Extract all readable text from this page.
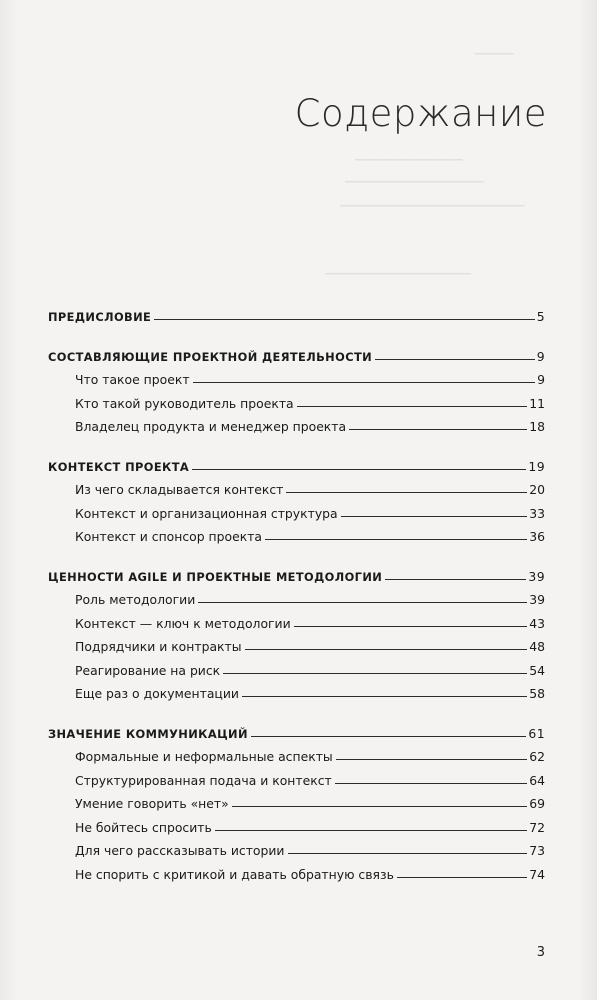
▁▁▁▁▁
▁▁▁▁▁▁▁▁▁▁▁▁▁▁
▁▁▁▁▁▁▁▁▁▁▁▁▁▁▁▁▁▁
▁▁▁▁▁▁▁▁▁▁▁▁▁▁▁▁▁▁▁▁▁▁▁▁
▁▁▁▁▁▁▁▁▁▁▁▁▁▁▁▁▁▁▁
Содержание
ПРЕДИСЛОВИЕ	5
СОСТАВЛЯЮЩИЕ ПРОЕКТНОЙ ДЕЯТЕЛЬНОСТИ	9
Что такое проект	9
Кто такой руководитель проекта	11
Владелец продукта и менеджер проекта	18
КОНТЕКСТ ПРОЕКТА	19
Из чего складывается контекст	20
Контекст и организационная структура	33
Контекст и спонсор проекта	36
ЦЕННОСТИ AGILE И ПРОЕКТНЫЕ МЕТОДОЛОГИИ	39
Роль методологии	39
Контекст — ключ к методологии	43
Подрядчики и контракты	48
Реагирование на риск	54
Еще раз о документации	58
ЗНАЧЕНИЕ КОММУНИКАЦИЙ	61
Формальные и неформальные аспекты	62
Структурированная подача и контекст	64
Умение говорить «нет»	69
Не бойтесь спросить	72
Для чего рассказывать истории	73
Не спорить с критикой и давать обратную связь	74
3
